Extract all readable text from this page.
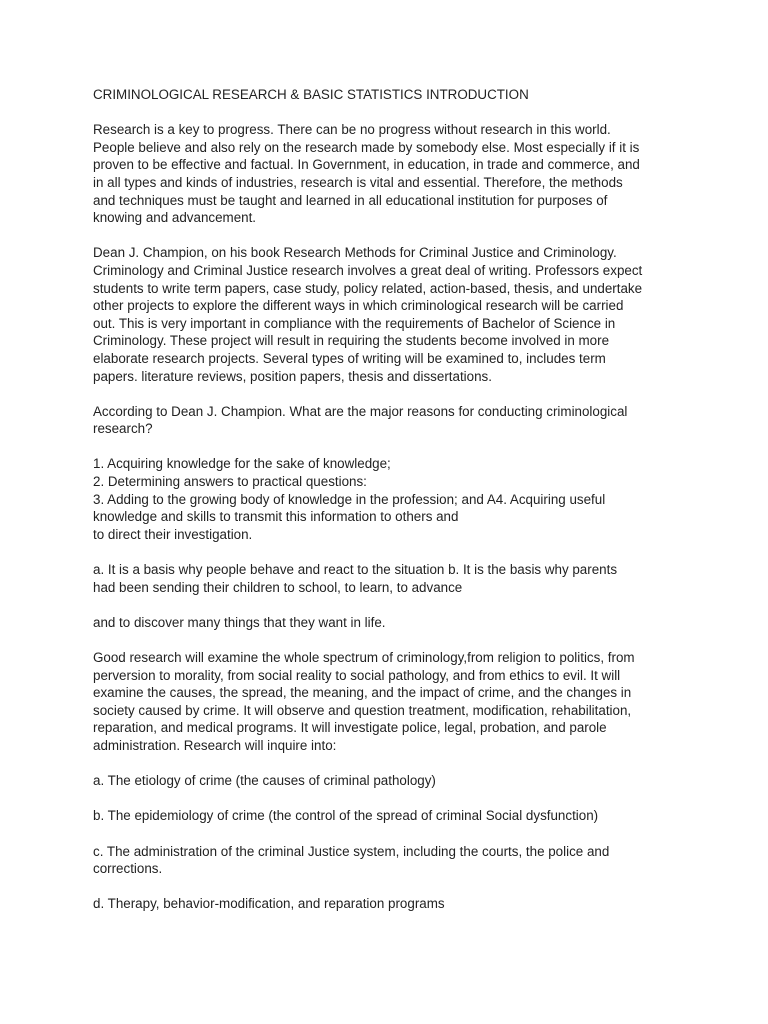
CRIMINOLOGICAL RESEARCH & BASIC STATISTICS INTRODUCTION
Research is a key to progress. There can be no progress without research in this world.
People believe and also rely on the research made by somebody else. Most especially if it is
proven to be effective and factual. In Government, in education, in trade and commerce, and
in all types and kinds of industries, research is vital and essential. Therefore, the methods
and techniques must be taught and learned in all educational institution for purposes of
knowing and advancement.
Dean J. Champion, on his book Research Methods for Criminal Justice and Criminology.
Criminology and Criminal Justice research involves a great deal of writing. Professors expect
students to write term papers, case study, policy related, action-based, thesis, and undertake
other projects to explore the different ways in which criminological research will be carried
out. This is very important in compliance with the requirements of Bachelor of Science in
Criminology. These project will result in requiring the students become involved in more
elaborate research projects. Several types of writing will be examined to, includes term
papers. literature reviews, position papers, thesis and dissertations.
According to Dean J. Champion. What are the major reasons for conducting criminological
research?
1. Acquiring knowledge for the sake of knowledge;
2. Determining answers to practical questions:
3. Adding to the growing body of knowledge in the profession; and A4. Acquiring useful
knowledge and skills to transmit this information to others and
to direct their investigation.
a. It is a basis why people behave and react to the situation b. It is the basis why parents
had been sending their children to school, to learn, to advance
and to discover many things that they want in life.
Good research will examine the whole spectrum of criminology,from religion to politics, from
perversion to morality, from social reality to social pathology, and from ethics to evil. It will
examine the causes, the spread, the meaning, and the impact of crime, and the changes in
society caused by crime. It will observe and question treatment, modification, rehabilitation,
reparation, and medical programs. It will investigate police, legal, probation, and parole
administration. Research will inquire into:
a. The etiology of crime (the causes of criminal pathology)
b. The epidemiology of crime (the control of the spread of criminal Social dysfunction)
c. The administration of the criminal Justice system, including the courts, the police and
corrections.
d. Therapy, behavior-modification, and reparation programs
